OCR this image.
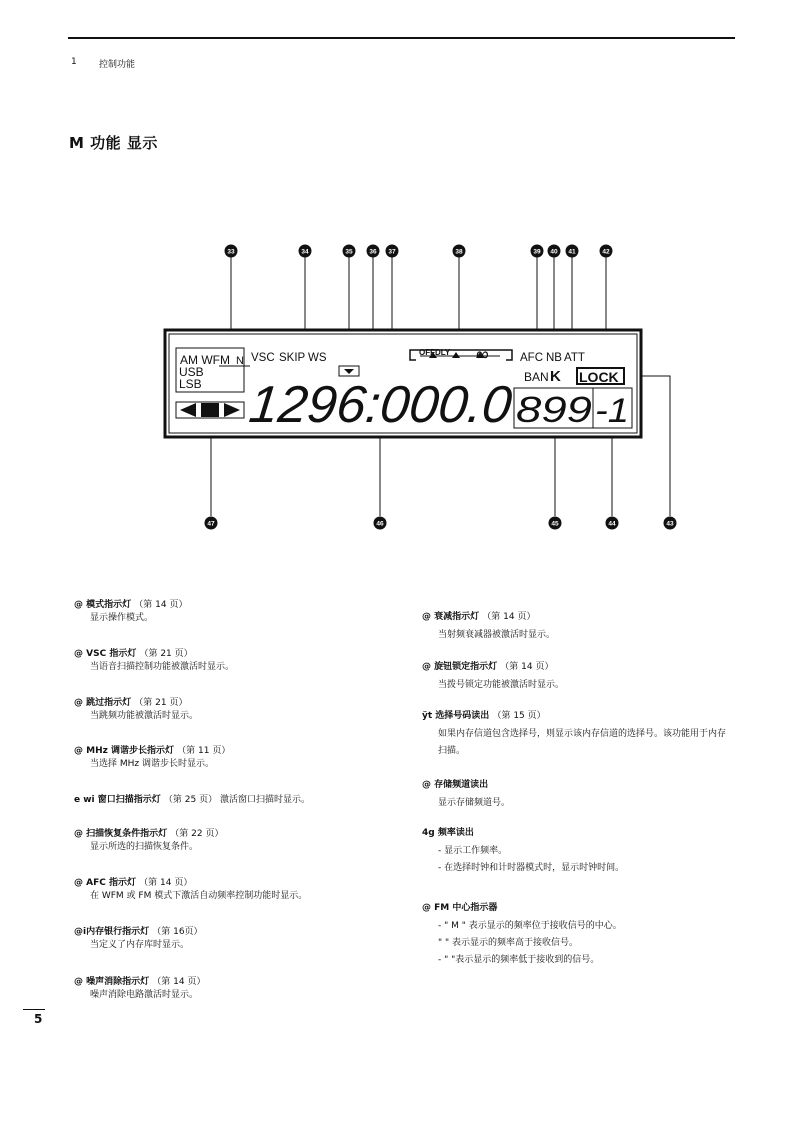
1 控制功能
M 功能 显示
AM WFM N
USB
LSB
VSC SKIP WS	OFFDLY ∞	AFC NB ATT
BAN K LOCK
1296:000.0 899 -1
33	34	35	36 37	38	39 40 41	42
47	46	45	44	43
@ 模式指示灯 （第 14 页）
显示操作模式。
@ VSC 指示灯 （第 21 页）
当语音扫描控制功能被激活时显示。
@ 跳过指示灯 （第 21 页）
当跳频功能被激活时显示。
@ MHz 调谐步长指示灯 （第 11 页）
当选择 MHz 调谐步长时显示。
e wi 窗口扫描指示灯 （第 25 页） 激活窗口扫描时显示。
@ 扫描恢复条件指示灯 （第 22 页）
显示所选的扫描恢复条件。
@ AFC 指示灯 （第 14 页）
在 WFM 或 FM 模式下激活自动频率控制功能时显示。
@i内存银行指示灯 （第 16页）
当定义了内存库时显示。
@ 噪声消除指示灯 （第 14 页）
噪声消除电路激活时显示。
@ 衰减指示灯 （第 14 页）
当射频衰减器被激活时显示。
@ 旋钮锁定指示灯 （第 14 页）
当拨号锁定功能被激活时显示。
ÿt 选择号码读出 （第 15 页）
如果内存信道包含选择号，则显示该内存信道的选择号。该功能用于内存
扫描。
@ 存储频道读出
显示存储频道号。
4g 频率读出
- 显示工作频率。
- 在选择时钟和计时器模式时，显示时钟时间。
@ FM 中心指示器
- " M " 表示显示的频率位于接收信号的中心。
" " 表示显示的频率高于接收信号。
- " "表示显示的频率低于接收到的信号。
5
